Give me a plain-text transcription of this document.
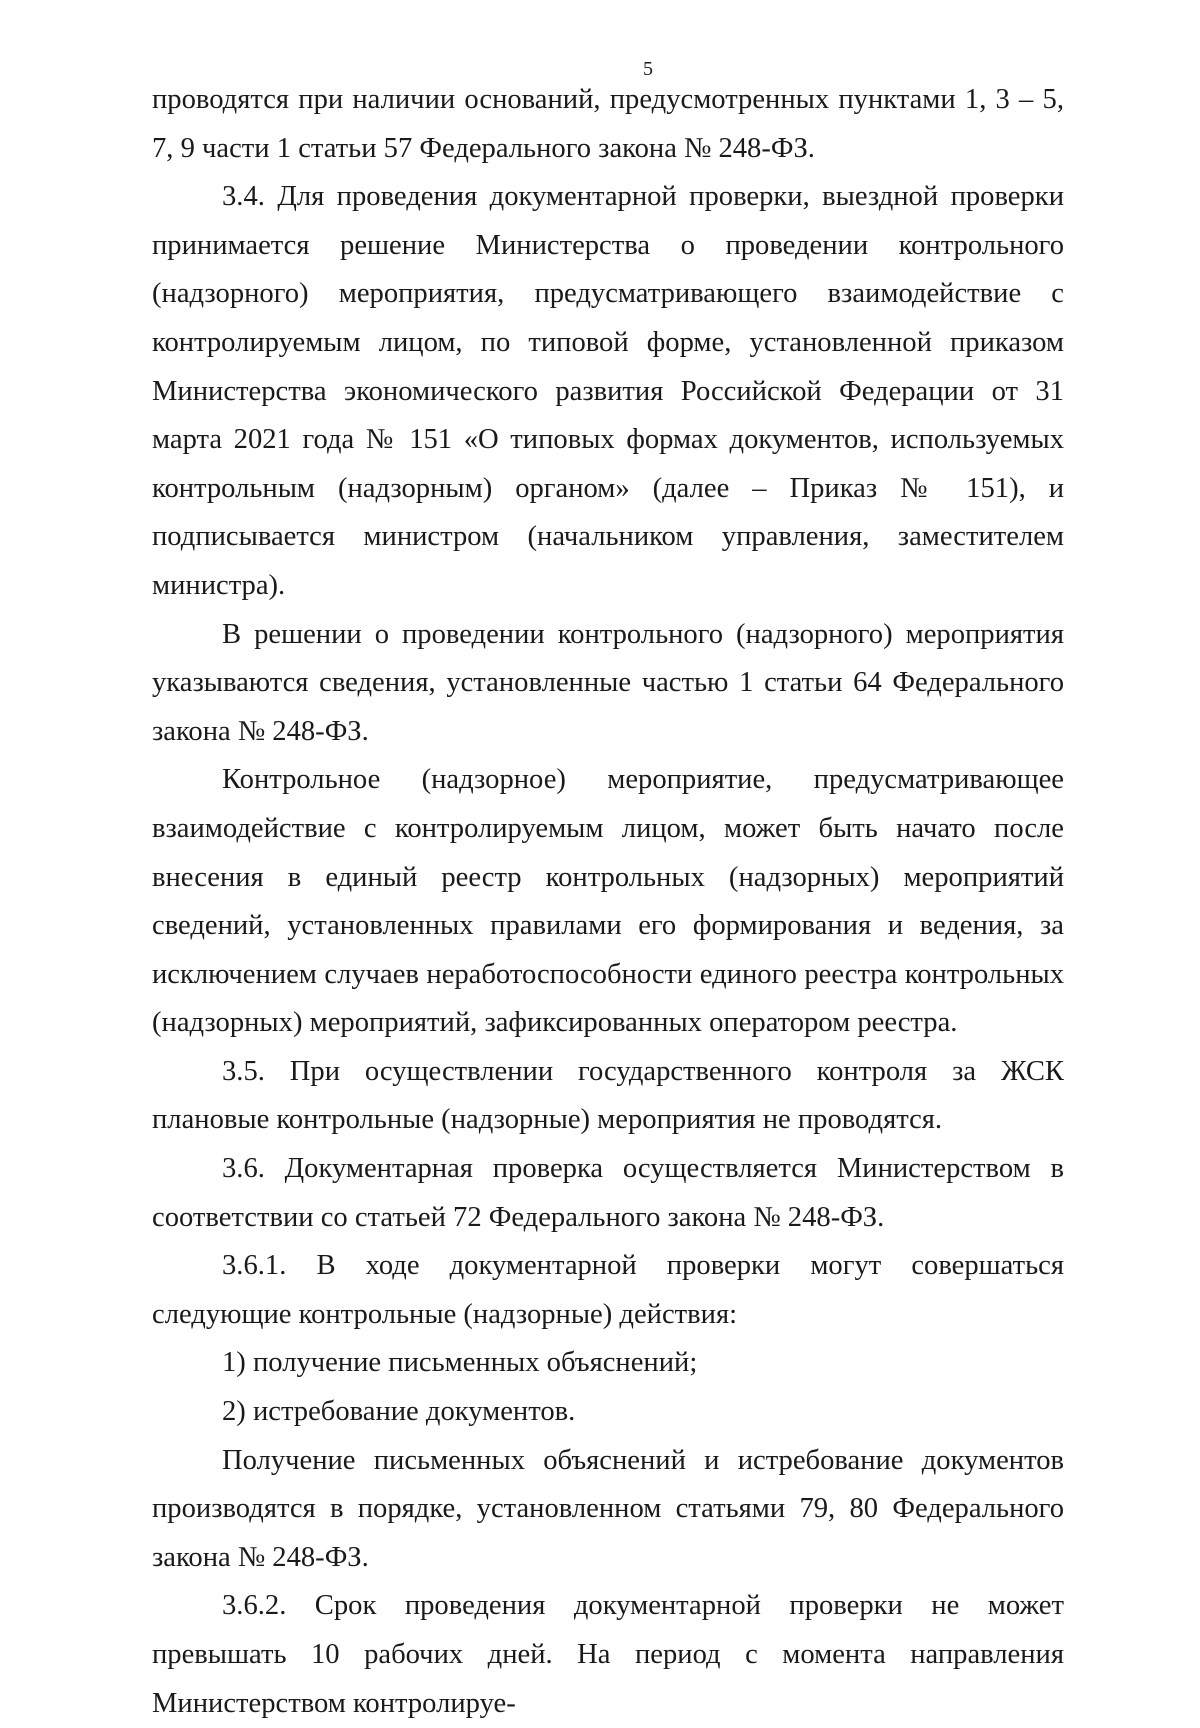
5

проводятся при наличии оснований, предусмотренных пунктами 1, 3 – 5, 7, 9 части 1 статьи 57 Федерального закона № 248-ФЗ.

3.4. Для проведения документарной проверки, выездной проверки принимается решение Министерства о проведении контрольного (надзорного) мероприятия, предусматривающего взаимодействие с контролируемым лицом, по типовой форме, установленной приказом Министерства экономического развития Российской Федерации от 31 марта 2021 года № 151 «О типовых формах документов, используемых контрольным (надзорным) органом» (далее – Приказ № 151), и подписывается министром (начальником управления, заместителем министра).

В решении о проведении контрольного (надзорного) мероприятия указываются сведения, установленные частью 1 статьи 64 Федерального закона № 248-ФЗ.

Контрольное (надзорное) мероприятие, предусматривающее взаимодействие с контролируемым лицом, может быть начато после внесения в единый реестр контрольных (надзорных) мероприятий сведений, установленных правилами его формирования и ведения, за исключением случаев неработоспособности единого реестра контрольных (надзорных) мероприятий, зафиксированных оператором реестра.

3.5. При осуществлении государственного контроля за ЖСК плановые контрольные (надзорные) мероприятия не проводятся.

3.6. Документарная проверка осуществляется Министерством в соответствии со статьей 72 Федерального закона № 248-ФЗ.

3.6.1. В ходе документарной проверки могут совершаться следующие контрольные (надзорные) действия:

1) получение письменных объяснений;

2) истребование документов.

Получение письменных объяснений и истребование документов производятся в порядке, установленном статьями 79, 80 Федерального закона № 248-ФЗ.

3.6.2. Срок проведения документарной проверки не может превышать 10 рабочих дней. На период с момента направления Министерством контролируе-
